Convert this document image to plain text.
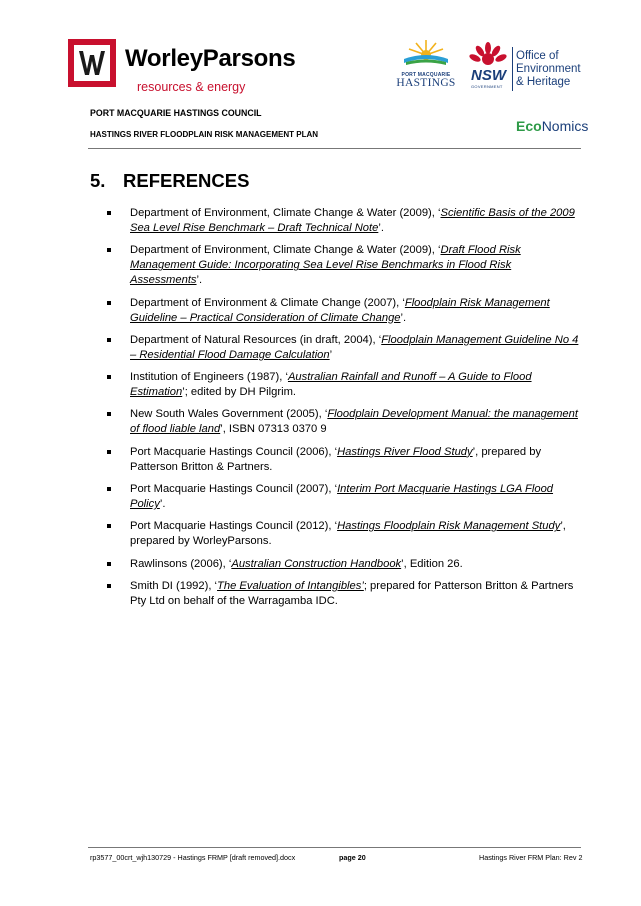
WorleyParsons
resources & energy
PORT MACQUARIE
HASTINGS NSW
GOVERNMENT
Office of
Environment
& Heritage
PORT MACQUARIE HASTINGS COUNCIL
HASTINGS RIVER FLOODPLAIN RISK MANAGEMENT PLAN
EcoNomics
5. REFERENCES
Department of Environment, Climate Change & Water (2009), ‘Scientific Basis of the 2009 Sea Level Rise Benchmark – Draft Technical Note’.
Department of Environment, Climate Change & Water (2009), ‘Draft Flood Risk Management Guide: Incorporating Sea Level Rise Benchmarks in Flood Risk Assessments’.
Department of Environment & Climate Change (2007), ‘Floodplain Risk Management Guideline – Practical Consideration of Climate Change’.
Department of Natural Resources (in draft, 2004), ‘Floodplain Management Guideline No 4 – Residential Flood Damage Calculation’
Institution of Engineers (1987), ‘Australian Rainfall and Runoff – A Guide to Flood Estimation’; edited by DH Pilgrim.
New South Wales Government (2005), ‘Floodplain Development Manual: the management of flood liable land’, ISBN 07313 0370 9
Port Macquarie Hastings Council (2006), ‘Hastings River Flood Study’, prepared by Patterson Britton & Partners.
Port Macquarie Hastings Council (2007), ‘Interim Port Macquarie Hastings LGA Flood Policy’.
Port Macquarie Hastings Council (2012), ‘Hastings Floodplain Risk Management Study’, prepared by WorleyParsons.
Rawlinsons (2006), ‘Australian Construction Handbook’, Edition 26.
Smith DI (1992), ‘The Evaluation of Intangibles’; prepared for Patterson Britton & Partners Pty Ltd on behalf of the Warragamba IDC.
rp3577_00crt_wjh130729 - Hastings FRMP [draft removed].docx	page 20	Hastings River FRM Plan: Rev 2
